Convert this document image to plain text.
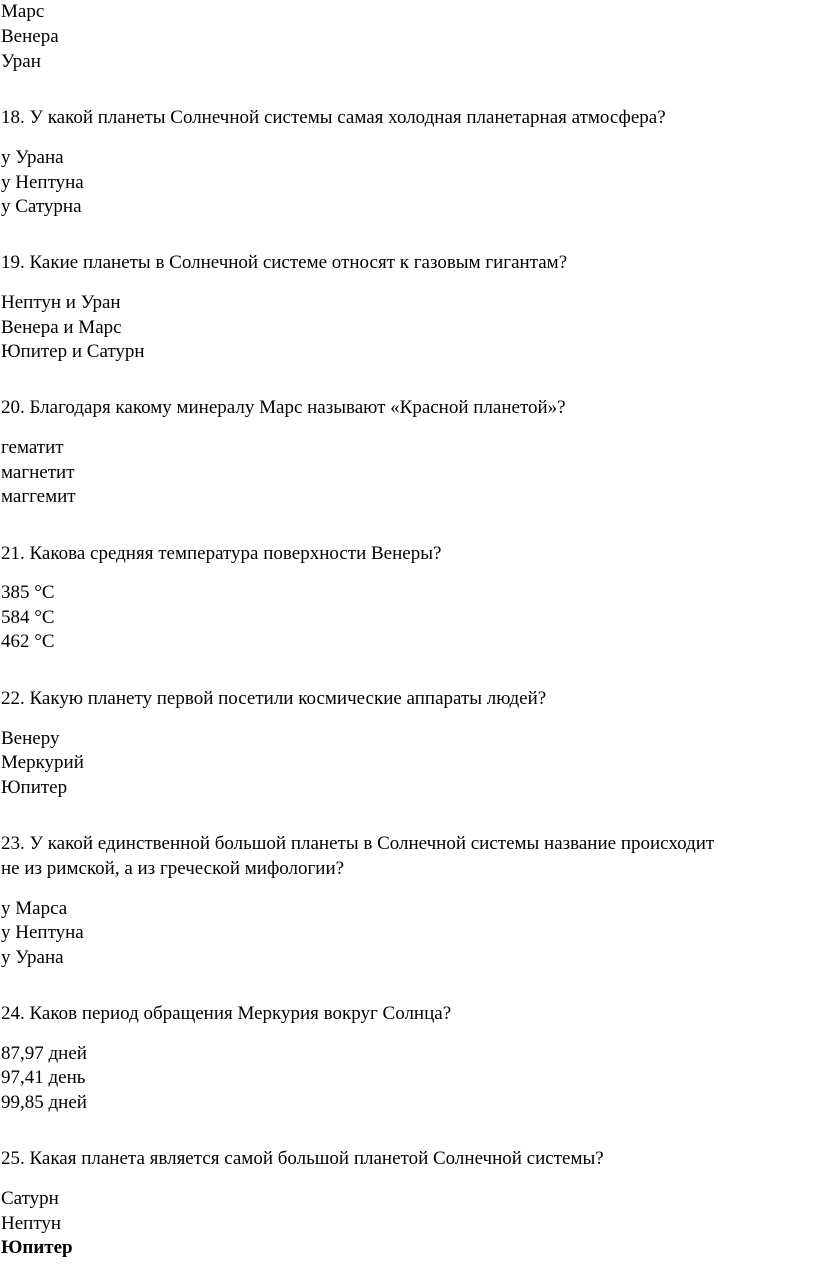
Марс
Венера
Уран
18. У какой планеты Солнечной системы самая холодная планетарная атмосфера?
у Урана
у Нептуна
у Сатурна
19. Какие планеты в Солнечной системе относят к газовым гигантам?
Нептун и Уран
Венера и Марс
Юпитер и Сатурн
20. Благодаря какому минералу Марс называют «Красной планетой»?
гематит
магнетит
маггемит
21. Какова средняя температура поверхности Венеры?
385 °C
584 °C
462 °C
22. Какую планету первой посетили космические аппараты людей?
Венеру
Меркурий
Юпитер
23. У какой единственной большой планеты в Солнечной системы название происходит
не из римской, а из греческой мифологии?
у Марса
у Нептуна
у Урана
24. Каков период обращения Меркурия вокруг Солнца?
87,97 дней
97,41 день
99,85 дней
25. Какая планета является самой большой планетой Солнечной системы?
Сатурн
Нептун
Юпитер
